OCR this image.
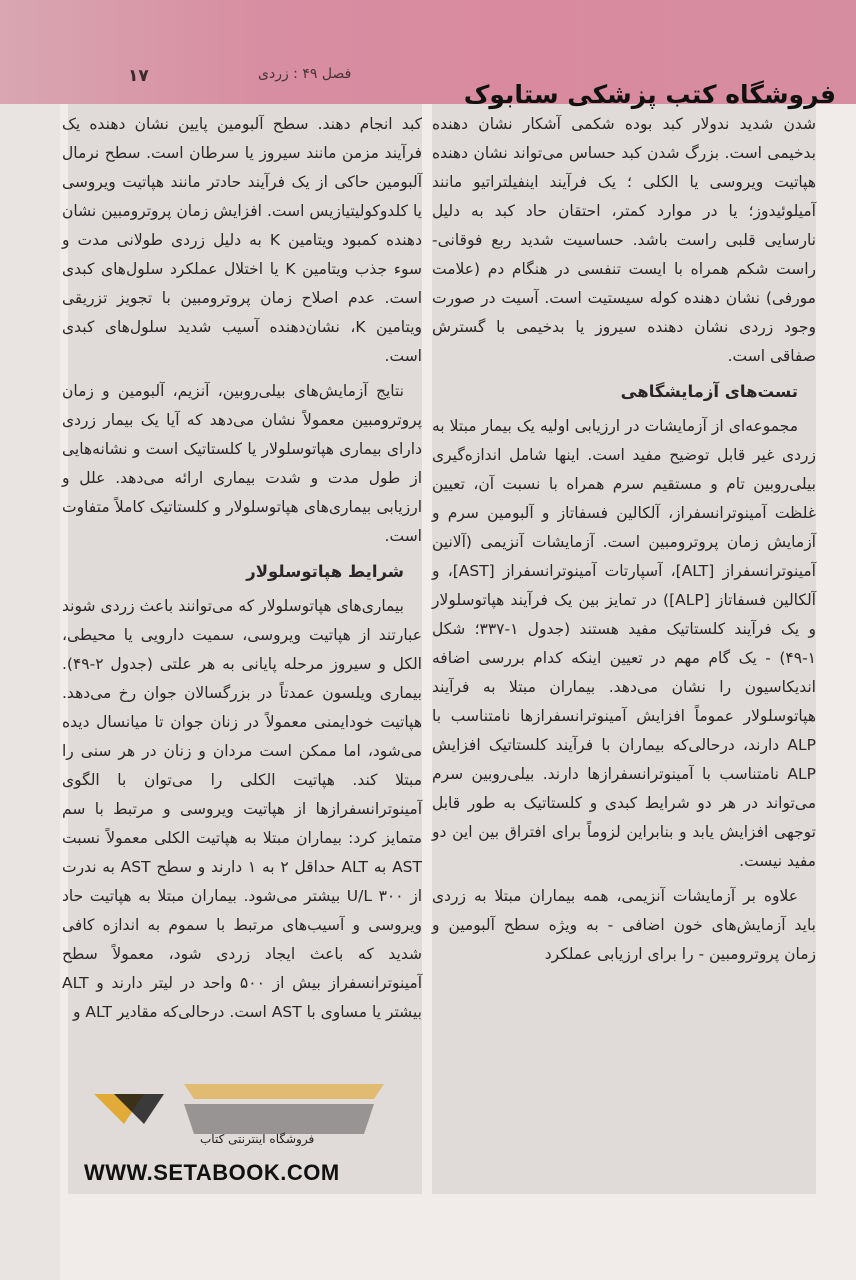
۱۷	فصل ۴۹ : زردی
فروشگاه کتب پزشکی ستابوک

کبد انجام دهند. سطح آلبومین پایین نشان دهنده یک فرآیند مزمن مانند سیروز یا سرطان است. سطح نرمال آلبومین حاکی از یک فرآیند حادتر مانند هپاتیت ویروسی یا کلدوکولیتیازیس است. افزایش زمان پروترومبین نشان دهنده کمبود ویتامین K به دلیل زردی طولانی مدت و سوء جذب ویتامین K یا اختلال عملکرد سلول‌های کبدی است. عدم اصلاح زمان پروترومبین با تجویز تزریقی ویتامین K، نشان‌دهنده آسیب شدید سلول‌های کبدی است.

نتایج آزمایش‌های بیلی‌روبین، آنزیم، آلبومین و زمان پروترومبین معمولاً نشان می‌دهد که آیا یک بیمار زردی دارای بیماری هپاتوسلولار یا کلستاتیک است و نشانه‌هایی از طول مدت و شدت بیماری ارائه می‌دهد. علل و ارزیابی بیماری‌های هپاتوسلولار و کلستاتیک کاملاً متفاوت است.

شرایط هپاتوسلولار

بیماری‌های هپاتوسلولار که می‌توانند باعث زردی شوند عبارتند از هپاتیت ویروسی، سمیت دارویی یا محیطی، الکل و سیروز مرحله پایانی به هر علتی (جدول ۲-۴۹). بیماری ویلسون عمدتاً در بزرگسالان جوان رخ می‌دهد. هپاتیت خودایمنی معمولاً در زنان جوان تا میانسال دیده می‌شود، اما ممکن است مردان و زنان در هر سنی را مبتلا کند. هپاتیت الکلی را می‌توان با الگوی آمینوترانسفرازها از هپاتیت ویروسی و مرتبط با سم متمایز کرد: بیماران مبتلا به هپاتیت الکلی معمولاً نسبت AST به ALT حداقل ۲ به ۱ دارند و سطح AST به ندرت از ۳۰۰ U/L بیشتر می‌شود. بیماران مبتلا به هپاتیت حاد ویروسی و آسیب‌های مرتبط با سموم به اندازه کافی شدید که باعث ایجاد زردی شود، معمولاً سطح آمینوترانسفراز بیش از ۵۰۰ واحد در لیتر دارند و ALT بیشتر یا مساوی با AST است. درحالی‌که مقادیر ALT و

شدن شدید ندولار کبد بوده شکمی آشکار نشان دهنده بدخیمی است. بزرگ شدن کبد حساس می‌تواند نشان دهنده هپاتیت ویروسی یا الکلی ؛ یک فرآیند اینفیلتراتیو مانند آمیلوئیدوز؛ یا در موارد کمتر، احتقان حاد کبد به دلیل نارسایی قلبی راست باشد. حساسیت شدید ربع فوقانی- راست شکم همراه با ایست تنفسی در هنگام دم (علامت مورفی) نشان دهنده کوله سیستیت است. آسیت در صورت وجود زردی نشان دهنده سیروز یا بدخیمی با گسترش صفاقی است.

تست‌های آزمایشگاهی

مجموعه‌ای از آزمایشات در ارزیابی اولیه یک بیمار مبتلا به زردی غیر قابل توضیح مفید است. اینها شامل اندازه‌گیری بیلی‌روبین تام و مستقیم سرم همراه با نسبت آن، تعیین غلظت آمینوترانسفراز، آلکالین فسفاتاز و آلبومین سرم و آزمایش زمان پروترومبین است. آزمایشات آنزیمی (آلانین آمینوترانسفراز [ALT]، آسپارتات آمینوترانسفراز [AST]، و آلکالین فسفاتاز [ALP]) در تمایز بین یک فرآیند هپاتوسلولار و یک فرآیند کلستاتیک مفید هستند (جدول ۱-۳۳۷؛ شکل ۱-۴۹) - یک گام مهم در تعیین اینکه کدام بررسی اضافه اندیکاسیون را نشان می‌دهد. بیماران مبتلا به فرآیند هپاتوسلولار عموماً افزایش آمینوترانسفرازها نامتناسب با ALP دارند، درحالی‌که بیماران با فرآیند کلستاتیک افزایش ALP نامتناسب با آمینوترانسفرازها دارند. بیلی‌روبین سرم می‌تواند در هر دو شرایط کبدی و کلستاتیک به طور قابل توجهی افزایش یابد و بنابراین لزوماً برای افتراق بین این دو مفید نیست.

علاوه بر آزمایشات آنزیمی، همه بیماران مبتلا به زردی باید آزمایش‌های خون اضافی - به ویژه سطح آلبومین و زمان پروترومبین - را برای ارزیابی عملکرد

فروشگاه اینترنتی کتاب
WWW.SETABOOK.COM
